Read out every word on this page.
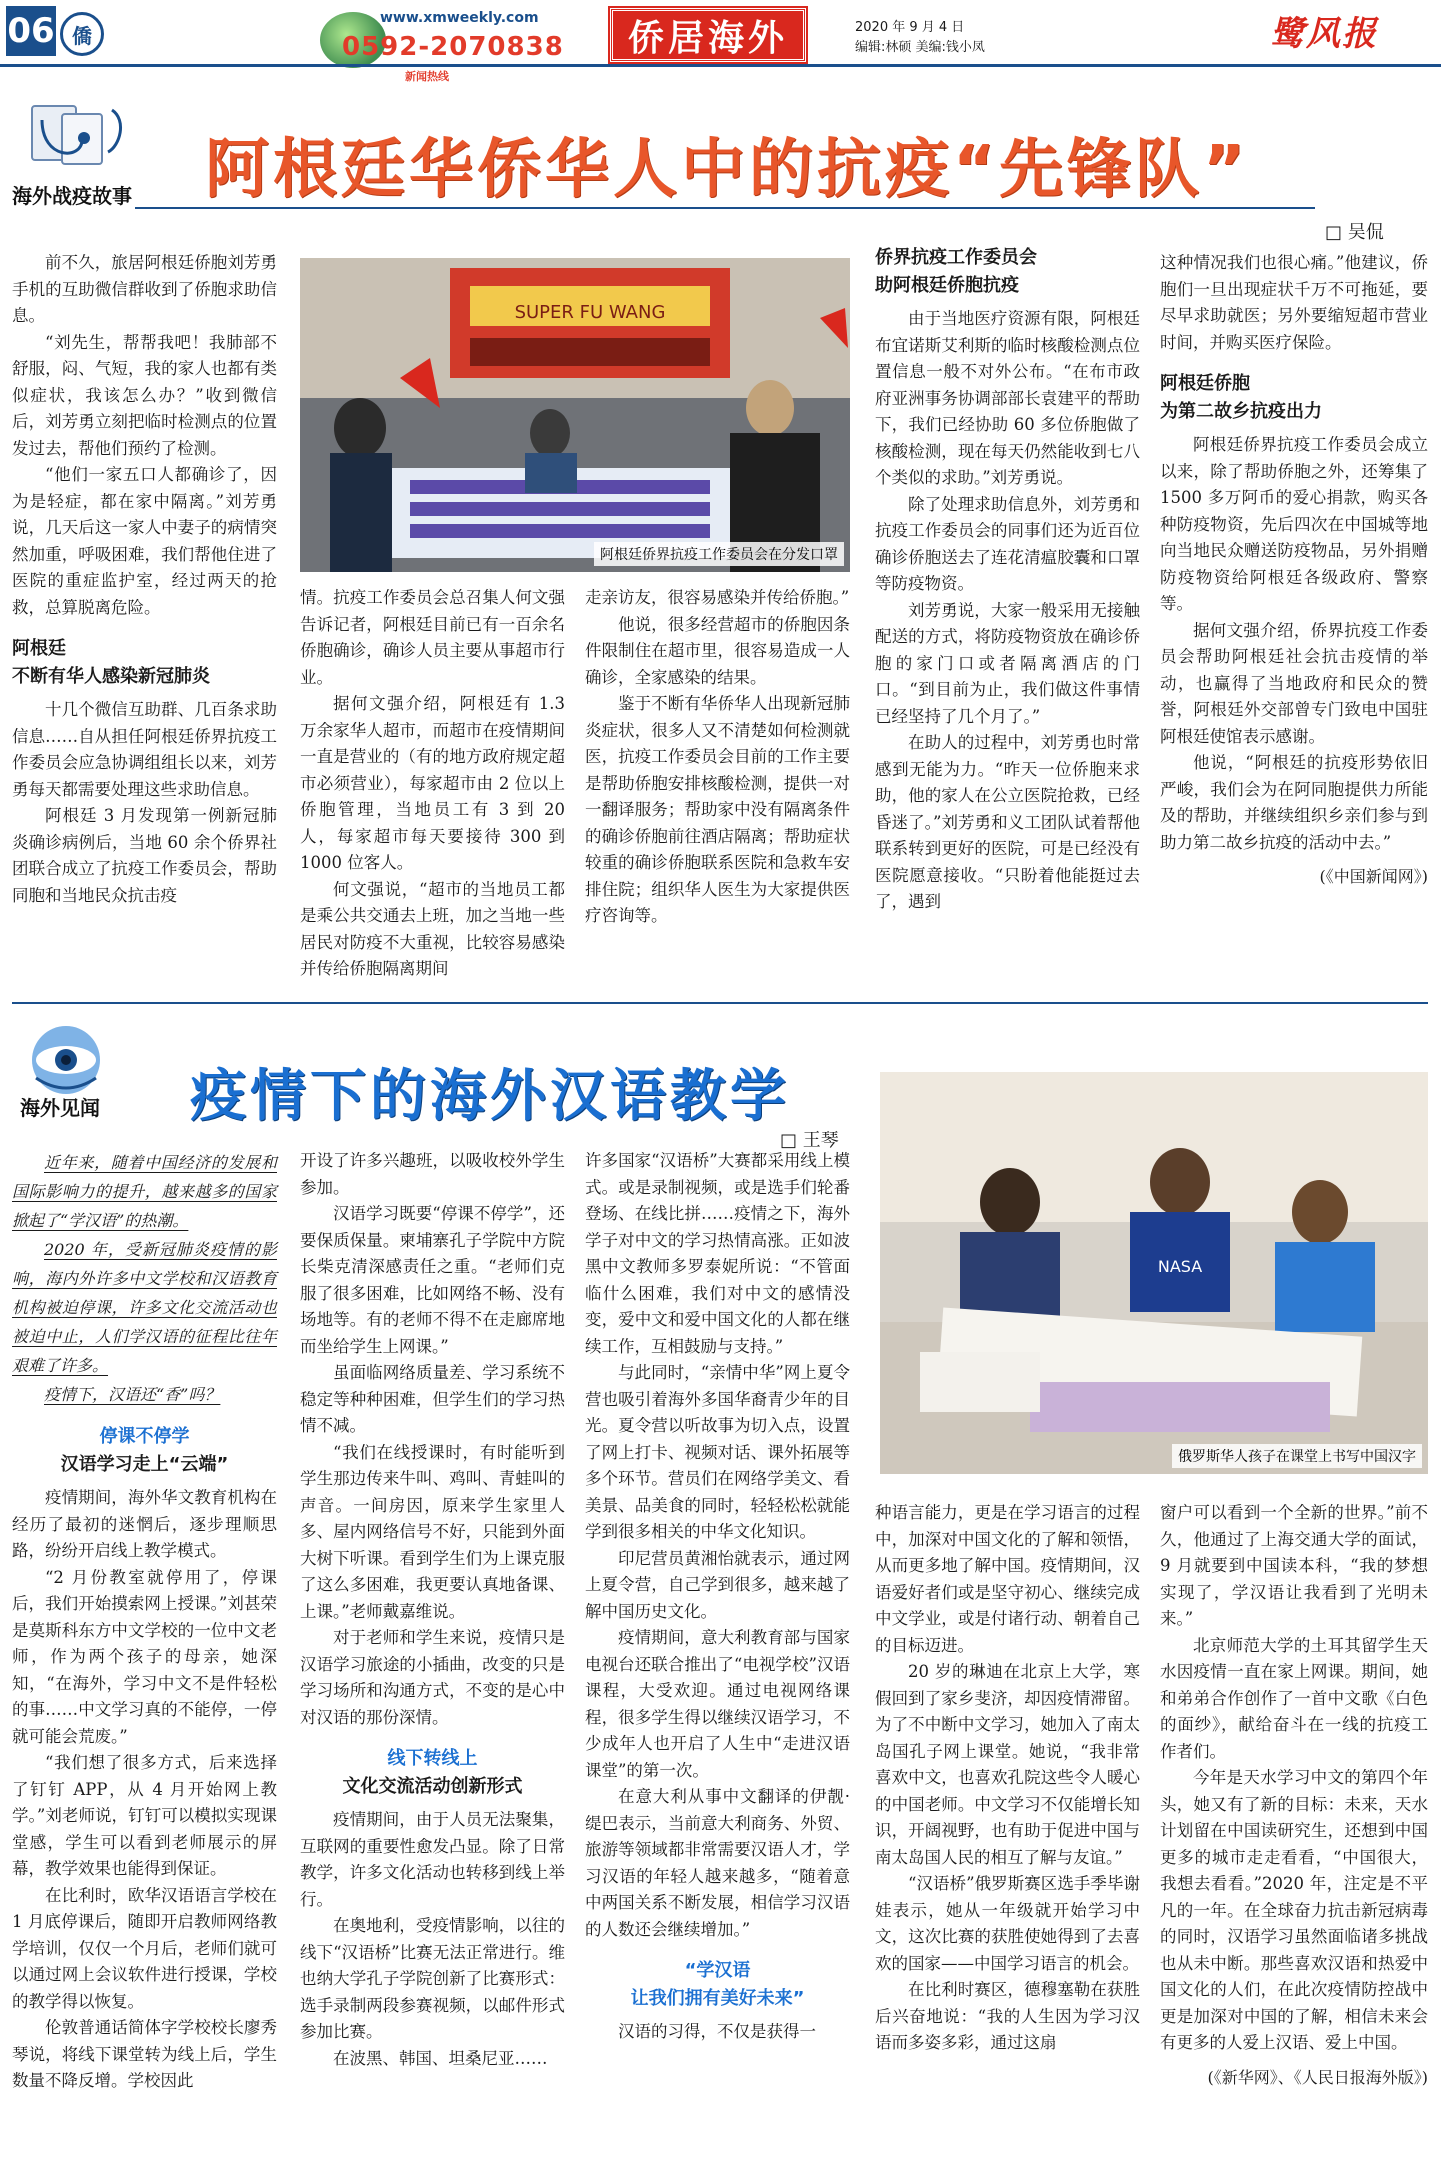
06 僑
www.xmweekly.com
0592-2070838
新闻热线
侨居海外	2020 年 9 月 4 日
编辑:林硕 美编:钱小凤	鹭风报
海外战疫故事 阿根廷华侨华人中的抗疫“先锋队”
□ 吴侃

前不久，旅居阿根廷侨胞刘芳勇手机的互助微信群收到了侨胞求助信息。

“刘先生，帮帮我吧！我肺部不舒服，闷、气短，我的家人也都有类似症状，我该怎么办？”收到微信后，刘芳勇立刻把临时检测点的位置发过去，帮他们预约了检测。

“他们一家五口人都确诊了，因为是轻症，都在家中隔离。”刘芳勇说，几天后这一家人中妻子的病情突然加重，呼吸困难，我们帮他住进了医院的重症监护室，经过两天的抢救，总算脱离危险。

阿根廷
不断有华人感染新冠肺炎

十几个微信互助群、几百条求助信息……自从担任阿根廷侨界抗疫工作委员会应急协调组组长以来，刘芳勇每天都需要处理这些求助信息。

阿根廷 3 月发现第一例新冠肺炎确诊病例后，当地 60 余个侨界社团联合成立了抗疫工作委员会，帮助同胞和当地民众抗击疫

SUPER FU WANG
阿根廷侨界抗疫工作委员会在分发口罩

情。抗疫工作委员会总召集人何文强告诉记者，阿根廷目前已有一百余名侨胞确诊，确诊人员主要从事超市行业。

据何文强介绍，阿根廷有 1.3 万余家华人超市，而超市在疫情期间一直是营业的（有的地方政府规定超市必须营业），每家超市由 2 位以上侨胞管理，当地员工有 3 到 20 人，每家超市每天要接待 300 到 1000 位客人。

何文强说，“超市的当地员工都是乘公共交通去上班，加之当地一些居民对防疫不大重视，比较容易感染并传给侨胞隔离期间

走亲访友，很容易感染并传给侨胞。”

他说，很多经营超市的侨胞因条件限制住在超市里，很容易造成一人确诊，全家感染的结果。

鉴于不断有华侨华人出现新冠肺炎症状，很多人又不清楚如何检测就医，抗疫工作委员会目前的工作主要是帮助侨胞安排核酸检测，提供一对一翻译服务；帮助家中没有隔离条件的确诊侨胞前往酒店隔离；帮助症状较重的确诊侨胞联系医院和急救车安排住院；组织华人医生为大家提供医疗咨询等。

侨界抗疫工作委员会
助阿根廷侨胞抗疫

由于当地医疗资源有限，阿根廷布宜诺斯艾利斯的临时核酸检测点位置信息一般不对外公布。“在布市政府亚洲事务协调部部长袁建平的帮助下，我们已经协助 60 多位侨胞做了核酸检测，现在每天仍然能收到七八个类似的求助。”刘芳勇说。

除了处理求助信息外，刘芳勇和抗疫工作委员会的同事们还为近百位确诊侨胞送去了连花清瘟胶囊和口罩等防疫物资。

刘芳勇说，大家一般采用无接触配送的方式，将防疫物资放在确诊侨胞的家门口或者隔离酒店的门口。“到目前为止，我们做这件事情已经坚持了几个月了。”

在助人的过程中，刘芳勇也时常感到无能为力。“昨天一位侨胞来求助，他的家人在公立医院抢救，已经昏迷了。”刘芳勇和义工团队试着帮他联系转到更好的医院，可是已经没有医院愿意接收。“只盼着他能挺过去了，遇到

这种情况我们也很心痛。”他建议，侨胞们一旦出现症状千万不可拖延，要尽早求助就医；另外要缩短超市营业时间，并购买医疗保险。

阿根廷侨胞
为第二故乡抗疫出力

阿根廷侨界抗疫工作委员会成立以来，除了帮助侨胞之外，还筹集了 1500 多万阿币的爱心捐款，购买各种防疫物资，先后四次在中国城等地向当地民众赠送防疫物品，另外捐赠防疫物资给阿根廷各级政府、警察等。

据何文强介绍，侨界抗疫工作委员会帮助阿根廷社会抗击疫情的举动，也赢得了当地政府和民众的赞誉，阿根廷外交部曾专门致电中国驻阿根廷使馆表示感谢。

他说，“阿根廷的抗疫形势依旧严峻，我们会为在阿同胞提供力所能及的帮助，并继续组织乡亲们参与到助力第二故乡抗疫的活动中去。”

(《中国新闻网》)
海外见闻 疫情下的海外汉语教学
□ 王琴
NASA
俄罗斯华人孩子在课堂上书写中国汉字

近年来，随着中国经济的发展和国际影响力的提升，越来越多的国家掀起了“学汉语”的热潮。

2020 年，受新冠肺炎疫情的影响，海内外许多中文学校和汉语教育机构被迫停课，许多文化交流活动也被迫中止，人们学汉语的征程比往年艰难了许多。

疫情下，汉语还“香”吗？

停课不停学
汉语学习走上“云端”

疫情期间，海外华文教育机构在经历了最初的迷惘后，逐步理顺思路，纷纷开启线上教学模式。

“2 月份教室就停用了，停课后，我们开始摸索网上授课。”刘甚荣是莫斯科东方中文学校的一位中文老师，作为两个孩子的母亲，她深知，“在海外，学习中文不是件轻松的事……中文学习真的不能停，一停就可能会荒废。”

“我们想了很多方式，后来选择了钉钉 APP，从 4 月开始网上教学。”刘老师说，钉钉可以模拟实现课堂感，学生可以看到老师展示的屏幕，教学效果也能得到保证。

在比利时，欧华汉语语言学校在 1 月底停课后，随即开启教师网络教学培训，仅仅一个月后，老师们就可以通过网上会议软件进行授课，学校的教学得以恢复。

伦敦普通话简体字学校校长廖秀琴说，将线下课堂转为线上后，学生数量不降反增。学校因此

开设了许多兴趣班，以吸收校外学生参加。

汉语学习既要“停课不停学”，还要保质保量。柬埔寨孔子学院中方院长柴克清深感责任之重。“老师们克服了很多困难，比如网络不畅、没有场地等。有的老师不得不在走廊席地而坐给学生上网课。”

虽面临网络质量差、学习系统不稳定等种种困难，但学生们的学习热情不减。

“我们在线授课时，有时能听到学生那边传来牛叫、鸡叫、青蛙叫的声音。一间房因，原来学生家里人多、屋内网络信号不好，只能到外面大树下听课。看到学生们为上课克服了这么多困难，我更要认真地备课、上课。”老师戴嘉维说。

对于老师和学生来说，疫情只是汉语学习旅途的小插曲，改变的只是学习场所和沟通方式，不变的是心中对汉语的那份深情。

线下转线上
文化交流活动创新形式

疫情期间，由于人员无法聚集，互联网的重要性愈发凸显。除了日常教学，许多文化活动也转移到线上举行。

在奥地利，受疫情影响，以往的线下“汉语桥”比赛无法正常进行。维也纳大学孔子学院创新了比赛形式：选手录制两段参赛视频，以邮件形式参加比赛。

在波黑、韩国、坦桑尼亚……

许多国家“汉语桥”大赛都采用线上模式。或是录制视频，或是选手们轮番登场、在线比拼……疫情之下，海外学子对中文的学习热情高涨。正如波黑中文教师多罗泰妮所说：“不管面临什么困难，我们对中文的感情没变，爱中文和爱中国文化的人都在继续工作，互相鼓励与支持。”

与此同时，“亲情中华”网上夏令营也吸引着海外多国华裔青少年的目光。夏令营以听故事为切入点，设置了网上打卡、视频对话、课外拓展等多个环节。营员们在网络学美文、看美景、品美食的同时，轻轻松松就能学到很多相关的中华文化知识。

印尼营员黄湘怡就表示，通过网上夏令营，自己学到很多，越来越了解中国历史文化。

疫情期间，意大利教育部与国家电视台还联合推出了“电视学校”汉语课程，大受欢迎。通过电视网络课程，很多学生得以继续汉语学习，不少成年人也开启了人生中“走进汉语课堂”的第一次。

在意大利从事中文翻译的伊靓·缇巴表示，当前意大利商务、外贸、旅游等领域都非常需要汉语人才，学习汉语的年轻人越来越多，“随着意中两国关系不断发展，相信学习汉语的人数还会继续增加。”

“学汉语
让我们拥有美好未来”

汉语的习得，不仅是获得一

种语言能力，更是在学习语言的过程中，加深对中国文化的了解和领悟，从而更多地了解中国。疫情期间，汉语爱好者们或是坚守初心、继续完成中文学业，或是付诸行动、朝着自己的目标迈进。

20 岁的琳迪在北京上大学，寒假回到了家乡斐济，却因疫情滞留。为了不中断中文学习，她加入了南太岛国孔子网上课堂。她说，“我非常喜欢中文，也喜欢孔院这些令人暖心的中国老师。中文学习不仅能增长知识，开阔视野，也有助于促进中国与南太岛国人民的相互了解与友谊。”

“汉语桥”俄罗斯赛区选手季毕谢娃表示，她从一年级就开始学习中文，这次比赛的获胜使她得到了去喜欢的国家——中国学习语言的机会。

在比利时赛区，德穆塞勒在获胜后兴奋地说：“我的人生因为学习汉语而多姿多彩，通过这扇

窗户可以看到一个全新的世界。”前不久，他通过了上海交通大学的面试，9 月就要到中国读本科，“我的梦想实现了，学汉语让我看到了光明未来。”

北京师范大学的土耳其留学生天水因疫情一直在家上网课。期间，她和弟弟合作创作了一首中文歌《白色的面纱》，献给奋斗在一线的抗疫工作者们。

今年是天水学习中文的第四个年头，她又有了新的目标：未来，天水计划留在中国读研究生，还想到中国更多的城市走走看看，“中国很大，我想去看看。”2020 年，注定是不平凡的一年。在全球奋力抗击新冠病毒的同时，汉语学习虽然面临诸多挑战也从未中断。那些喜欢汉语和热爱中国文化的人们，在此次疫情防控战中更是加深对中国的了解，相信未来会有更多的人爱上汉语、爱上中国。

(《新华网》、《人民日报海外版》)
